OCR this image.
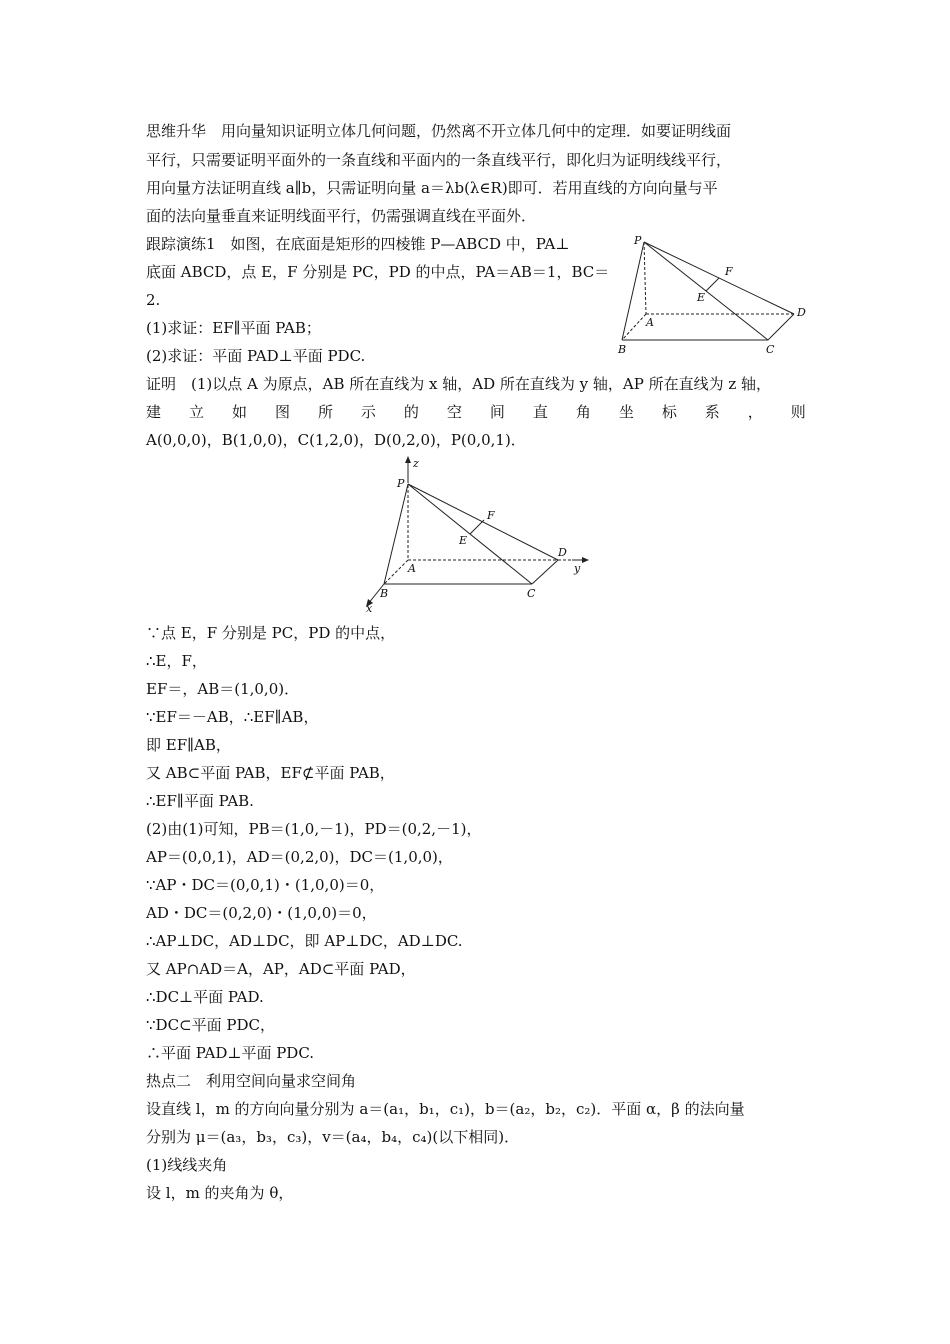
思维升华　用向量知识证明立体几何问题，仍然离不开立体几何中的定理．如要证明线面
平行，只需要证明平面外的一条直线和平面内的一条直线平行，即化归为证明线线平行，
用向量方法证明直线 a∥b，只需证明向量 a＝λb(λ∈R)即可．若用直线的方向向量与平
面的法向量垂直来证明线面平行，仍需强调直线在平面外．
跟踪演练1　如图，在底面是矩形的四棱锥 P—ABCD 中，PA⊥
底面 ABCD，点 E，F 分别是 PC，PD 的中点，PA＝AB＝1，BC＝
2.
(1)求证：EF∥平面 PAB；
(2)求证：平面 PAD⊥平面 PDC.
证明　(1)以点 A 为原点，AB 所在直线为 x 轴，AD 所在直线为 y 轴，AP 所在直线为 z 轴，
建 立 如 图 所 示 的 空 间 直 角 坐 标 系 ， 则
A(0,0,0)，B(1,0,0)，C(1,2,0)，D(0,2,0)，P(0,0,1)．
∵点 E，F 分别是 PC，PD 的中点，
∴E，F，
EF＝，AB＝(1,0,0)．
∵EF＝－AB，∴EF∥AB，
即 EF∥AB，
又 AB⊂平面 PAB，EF⊄平面 PAB，
∴EF∥平面 PAB.
(2)由(1)可知，PB＝(1,0,－1)，PD＝(0,2,－1)，
AP＝(0,0,1)，AD＝(0,2,0)，DC＝(1,0,0)，
∵AP・DC＝(0,0,1)・(1,0,0)＝0，
AD・DC＝(0,2,0)・(1,0,0)＝0，
∴AP⊥DC，AD⊥DC，即 AP⊥DC，AD⊥DC.
又 AP∩AD＝A，AP，AD⊂平面 PAD，
∴DC⊥平面 PAD.
∵DC⊂平面 PDC，
∴平面 PAD⊥平面 PDC.
热点二　利用空间向量求空间角
设直线 l，m 的方向向量分别为 a＝(a₁，b₁，c₁)，b＝(a₂，b₂，c₂)．平面 α，β 的法向量
分别为 μ＝(a₃，b₃，c₃)，v＝(a₄，b₄，c₄)(以下相同)．
(1)线线夹角
设 l，m 的夹角为 θ，
P
F
E
A
D
B	C
z
P
F
E
A
D
y
B	C
x
